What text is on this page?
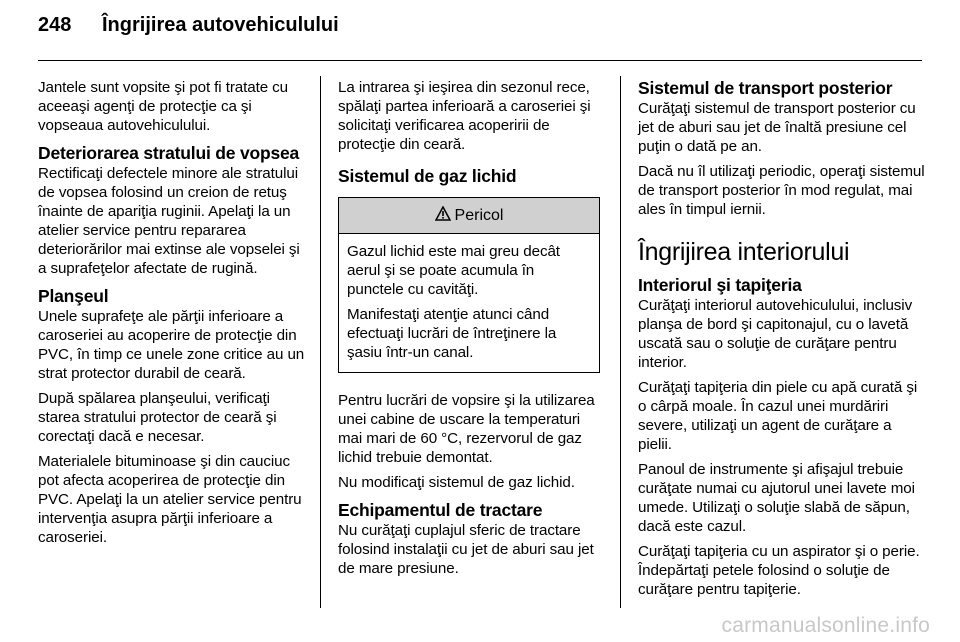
248	Îngrijirea autovehiculului

Jantele sunt vopsite şi pot fi tratate cu aceeaşi agenţi de protecţie ca şi vopseaua autovehiculului.

Deteriorarea stratului de vopsea

Rectificaţi defectele minore ale stratului de vopsea folosind un creion de retuş înainte de apariţia ruginii. Apelaţi la un atelier service pentru repararea deteriorărilor mai extinse ale vopselei şi a suprafeţelor afectate de rugină.

Planşeul

Unele suprafeţe ale părţii inferioare a caroseriei au acoperire de protecţie din PVC, în timp ce unele zone critice au un strat protector durabil de ceară.

După spălarea planşeului, verificaţi starea stratului protector de ceară şi corectaţi dacă e necesar.

Materialele bituminoase şi din cauciuc pot afecta acoperirea de protecţie din PVC. Apelaţi la un atelier service pentru intervenţia asupra părţii inferioare a caroseriei.

La intrarea şi ieşirea din sezonul rece, spălaţi partea inferioară a caroseriei şi solicitaţi verificarea acoperirii de protecţie din ceară.

Sistemul de gaz lichid
Pericol

Gazul lichid este mai greu decât aerul şi se poate acumula în punctele cu cavităţi.

Manifestaţi atenţie atunci când efectuaţi lucrări de întreţinere la şasiu într-un canal.

Pentru lucrări de vopsire şi la utilizarea unei cabine de uscare la temperaturi mai mari de 60 °C, rezervorul de gaz lichid trebuie demontat.

Nu modificaţi sistemul de gaz lichid.

Echipamentul de tractare

Nu curăţaţi cuplajul sferic de tractare folosind instalaţii cu jet de aburi sau jet de mare presiune.

Sistemul de transport posterior

Curăţaţi sistemul de transport posterior cu jet de aburi sau jet de înaltă presiune cel puţin o dată pe an.

Dacă nu îl utilizaţi periodic, operaţi sistemul de transport posterior în mod regulat, mai ales în timpul iernii.

Îngrijirea interiorului
Interiorul şi tapiţeria

Curăţaţi interiorul autovehiculului, inclusiv planşa de bord şi capitonajul, cu o lavetă uscată sau o soluţie de curăţare pentru interior.

Curăţaţi tapiţeria din piele cu apă curată şi o cârpă moale. În cazul unei murdăriri severe, utilizaţi un agent de curăţare a pielii.

Panoul de instrumente şi afişajul trebuie curăţate numai cu ajutorul unei lavete moi umede. Utilizaţi o soluţie slabă de săpun, dacă este cazul.

Curăţaţi tapiţeria cu un aspirator şi o perie. Îndepărtaţi petele folosind o soluţie de curăţare pentru tapiţerie.

carmanualsonline.info
